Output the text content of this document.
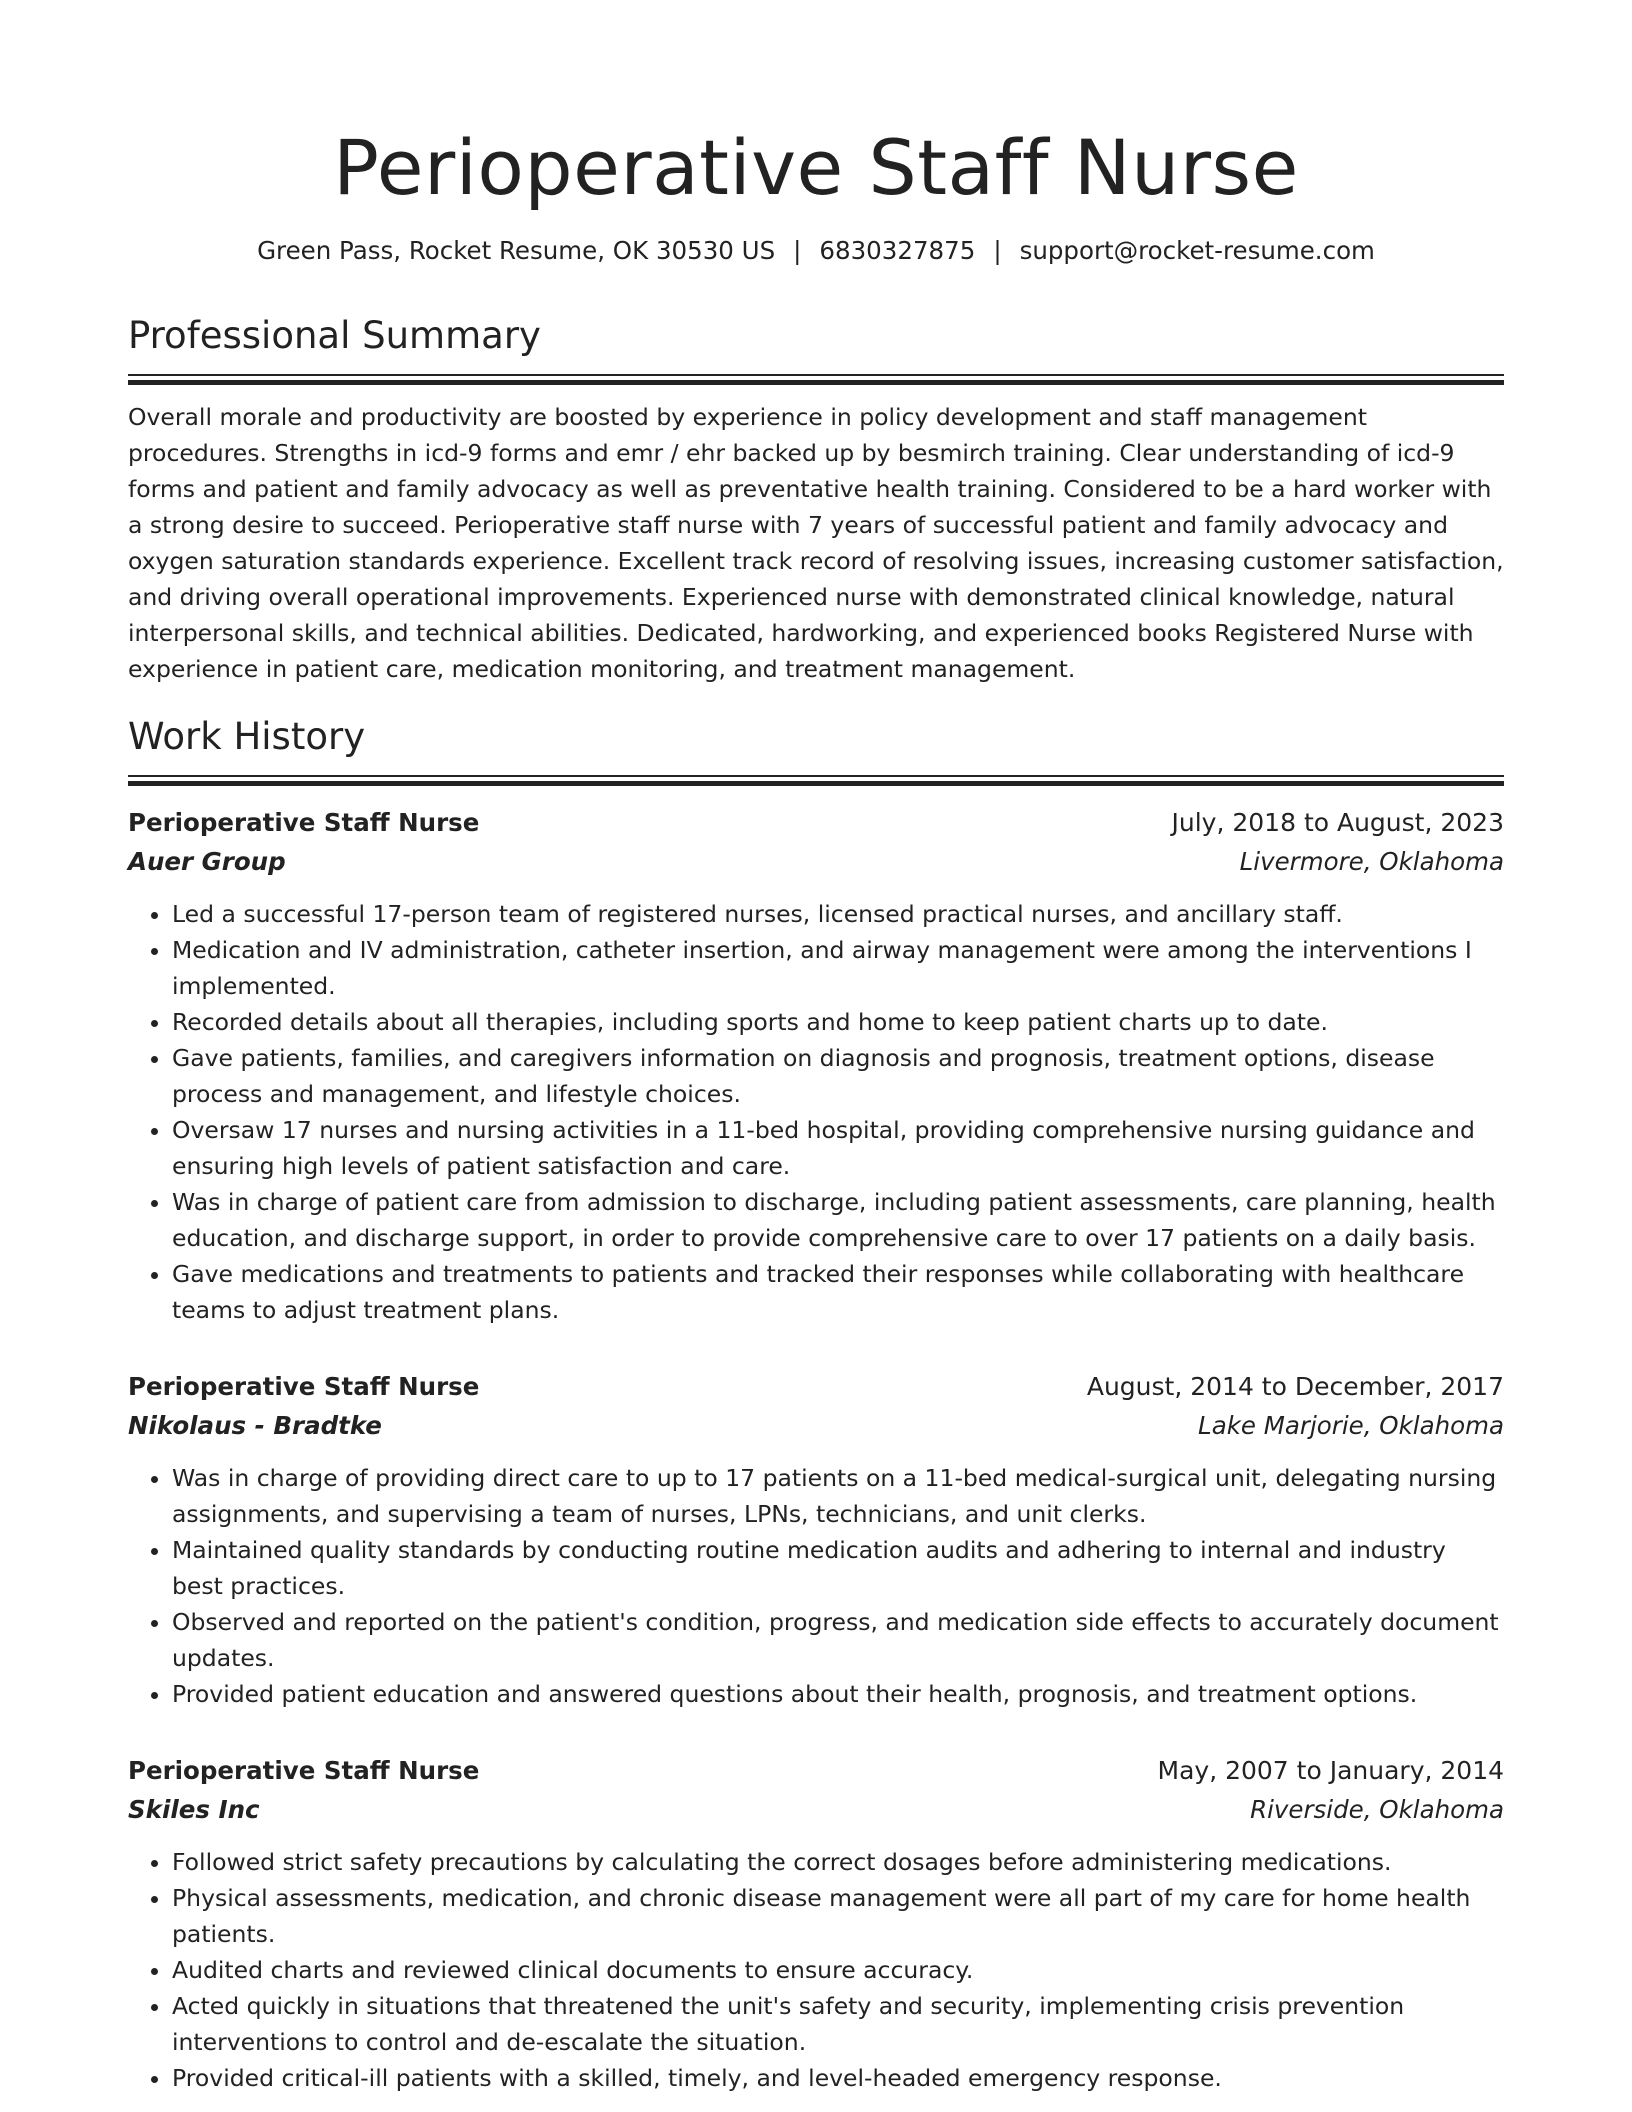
Perioperative Staff Nurse
Green Pass, Rocket Resume, OK 30530 US | 6830327875 | support@rocket-resume.com
Professional Summary

Overall morale and productivity are boosted by experience in policy development and staff management procedures. Strengths in icd-9 forms and emr / ehr backed up by besmirch training. Clear understanding of icd-9 forms and patient and family advocacy as well as preventative health training. Considered to be a hard worker with a strong desire to succeed. Perioperative staff nurse with 7 years of successful patient and family advocacy and oxygen saturation standards experience. Excellent track record of resolving issues, increasing customer satisfaction, and driving overall operational improvements. Experienced nurse with demonstrated clinical knowledge, natural interpersonal skills, and technical abilities. Dedicated, hardworking, and experienced books Registered Nurse with experience in patient care, medication monitoring, and treatment management.

Work History
Perioperative Staff Nurse	July, 2018 to August, 2023
Auer Group	Livermore, Oklahoma
• Led a successful 17-person team of registered nurses, licensed practical nurses, and ancillary staff.
• Medication and IV administration, catheter insertion, and airway management were among the interventions I implemented.
• Recorded details about all therapies, including sports and home to keep patient charts up to date.
• Gave patients, families, and caregivers information on diagnosis and prognosis, treatment options, disease process and management, and lifestyle choices.
• Oversaw 17 nurses and nursing activities in a 11-bed hospital, providing comprehensive nursing guidance and ensuring high levels of patient satisfaction and care.
• Was in charge of patient care from admission to discharge, including patient assessments, care planning, health education, and discharge support, in order to provide comprehensive care to over 17 patients on a daily basis.
• Gave medications and treatments to patients and tracked their responses while collaborating with healthcare teams to adjust treatment plans.
Perioperative Staff Nurse	August, 2014 to December, 2017
Nikolaus - Bradtke	Lake Marjorie, Oklahoma
• Was in charge of providing direct care to up to 17 patients on a 11-bed medical-surgical unit, delegating nursing assignments, and supervising a team of nurses, LPNs, technicians, and unit clerks.
• Maintained quality standards by conducting routine medication audits and adhering to internal and industry best practices.
• Observed and reported on the patient's condition, progress, and medication side effects to accurately document updates.
• Provided patient education and answered questions about their health, prognosis, and treatment options.
Perioperative Staff Nurse	May, 2007 to January, 2014
Skiles Inc	Riverside, Oklahoma
• Followed strict safety precautions by calculating the correct dosages before administering medications.
• Physical assessments, medication, and chronic disease management were all part of my care for home health patients.
• Audited charts and reviewed clinical documents to ensure accuracy.
• Acted quickly in situations that threatened the unit's safety and security, implementing crisis prevention interventions to control and de-escalate the situation.
• Provided critical-ill patients with a skilled, timely, and level-headed emergency response.
